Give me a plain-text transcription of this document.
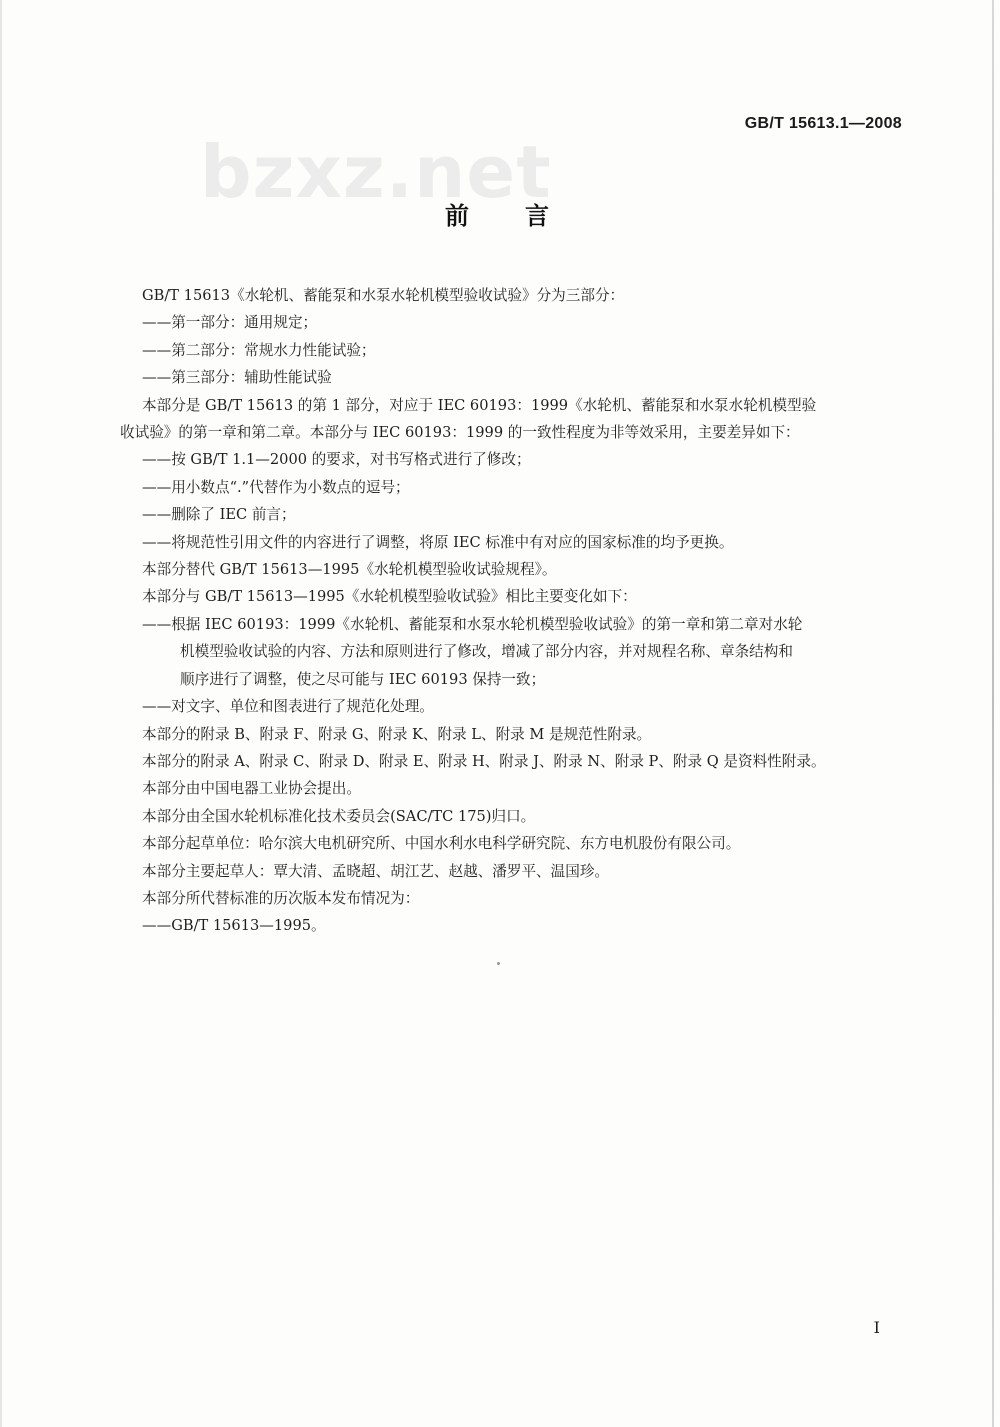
GB/T 15613.1—2008
bzxz.net
前言
GB/T 15613《水轮机、蓄能泵和水泵水轮机模型验收试验》分为三部分：
——第一部分：通用规定；
——第二部分：常规水力性能试验；
——第三部分：辅助性能试验
本部分是 GB/T 15613 的第 1 部分，对应于 IEC 60193：1999《水轮机、蓄能泵和水泵水轮机模型验
收试验》的第一章和第二章。本部分与 IEC 60193：1999 的一致性程度为非等效采用，主要差异如下：
——按 GB/T 1.1—2000 的要求，对书写格式进行了修改；
——用小数点“.”代替作为小数点的逗号；
——删除了 IEC 前言；
——将规范性引用文件的内容进行了调整，将原 IEC 标准中有对应的国家标准的均予更换。
本部分替代 GB/T 15613—1995《水轮机模型验收试验规程》。
本部分与 GB/T 15613—1995《水轮机模型验收试验》相比主要变化如下：
——根据 IEC 60193：1999《水轮机、蓄能泵和水泵水轮机模型验收试验》的第一章和第二章对水轮
机模型验收试验的内容、方法和原则进行了修改，增减了部分内容，并对规程名称、章条结构和
顺序进行了调整，使之尽可能与 IEC 60193 保持一致；
——对文字、单位和图表进行了规范化处理。
本部分的附录 B、附录 F、附录 G、附录 K、附录 L、附录 M 是规范性附录。
本部分的附录 A、附录 C、附录 D、附录 E、附录 H、附录 J、附录 N、附录 P、附录 Q 是资料性附录。
本部分由中国电器工业协会提出。
本部分由全国水轮机标准化技术委员会(SAC/TC 175)归口。
本部分起草单位：哈尔滨大电机研究所、中国水利水电科学研究院、东方电机股份有限公司。
本部分主要起草人：覃大清、孟晓超、胡江艺、赵越、潘罗平、温国珍。
本部分所代替标准的历次版本发布情况为：
——GB/T 15613—1995。
I
